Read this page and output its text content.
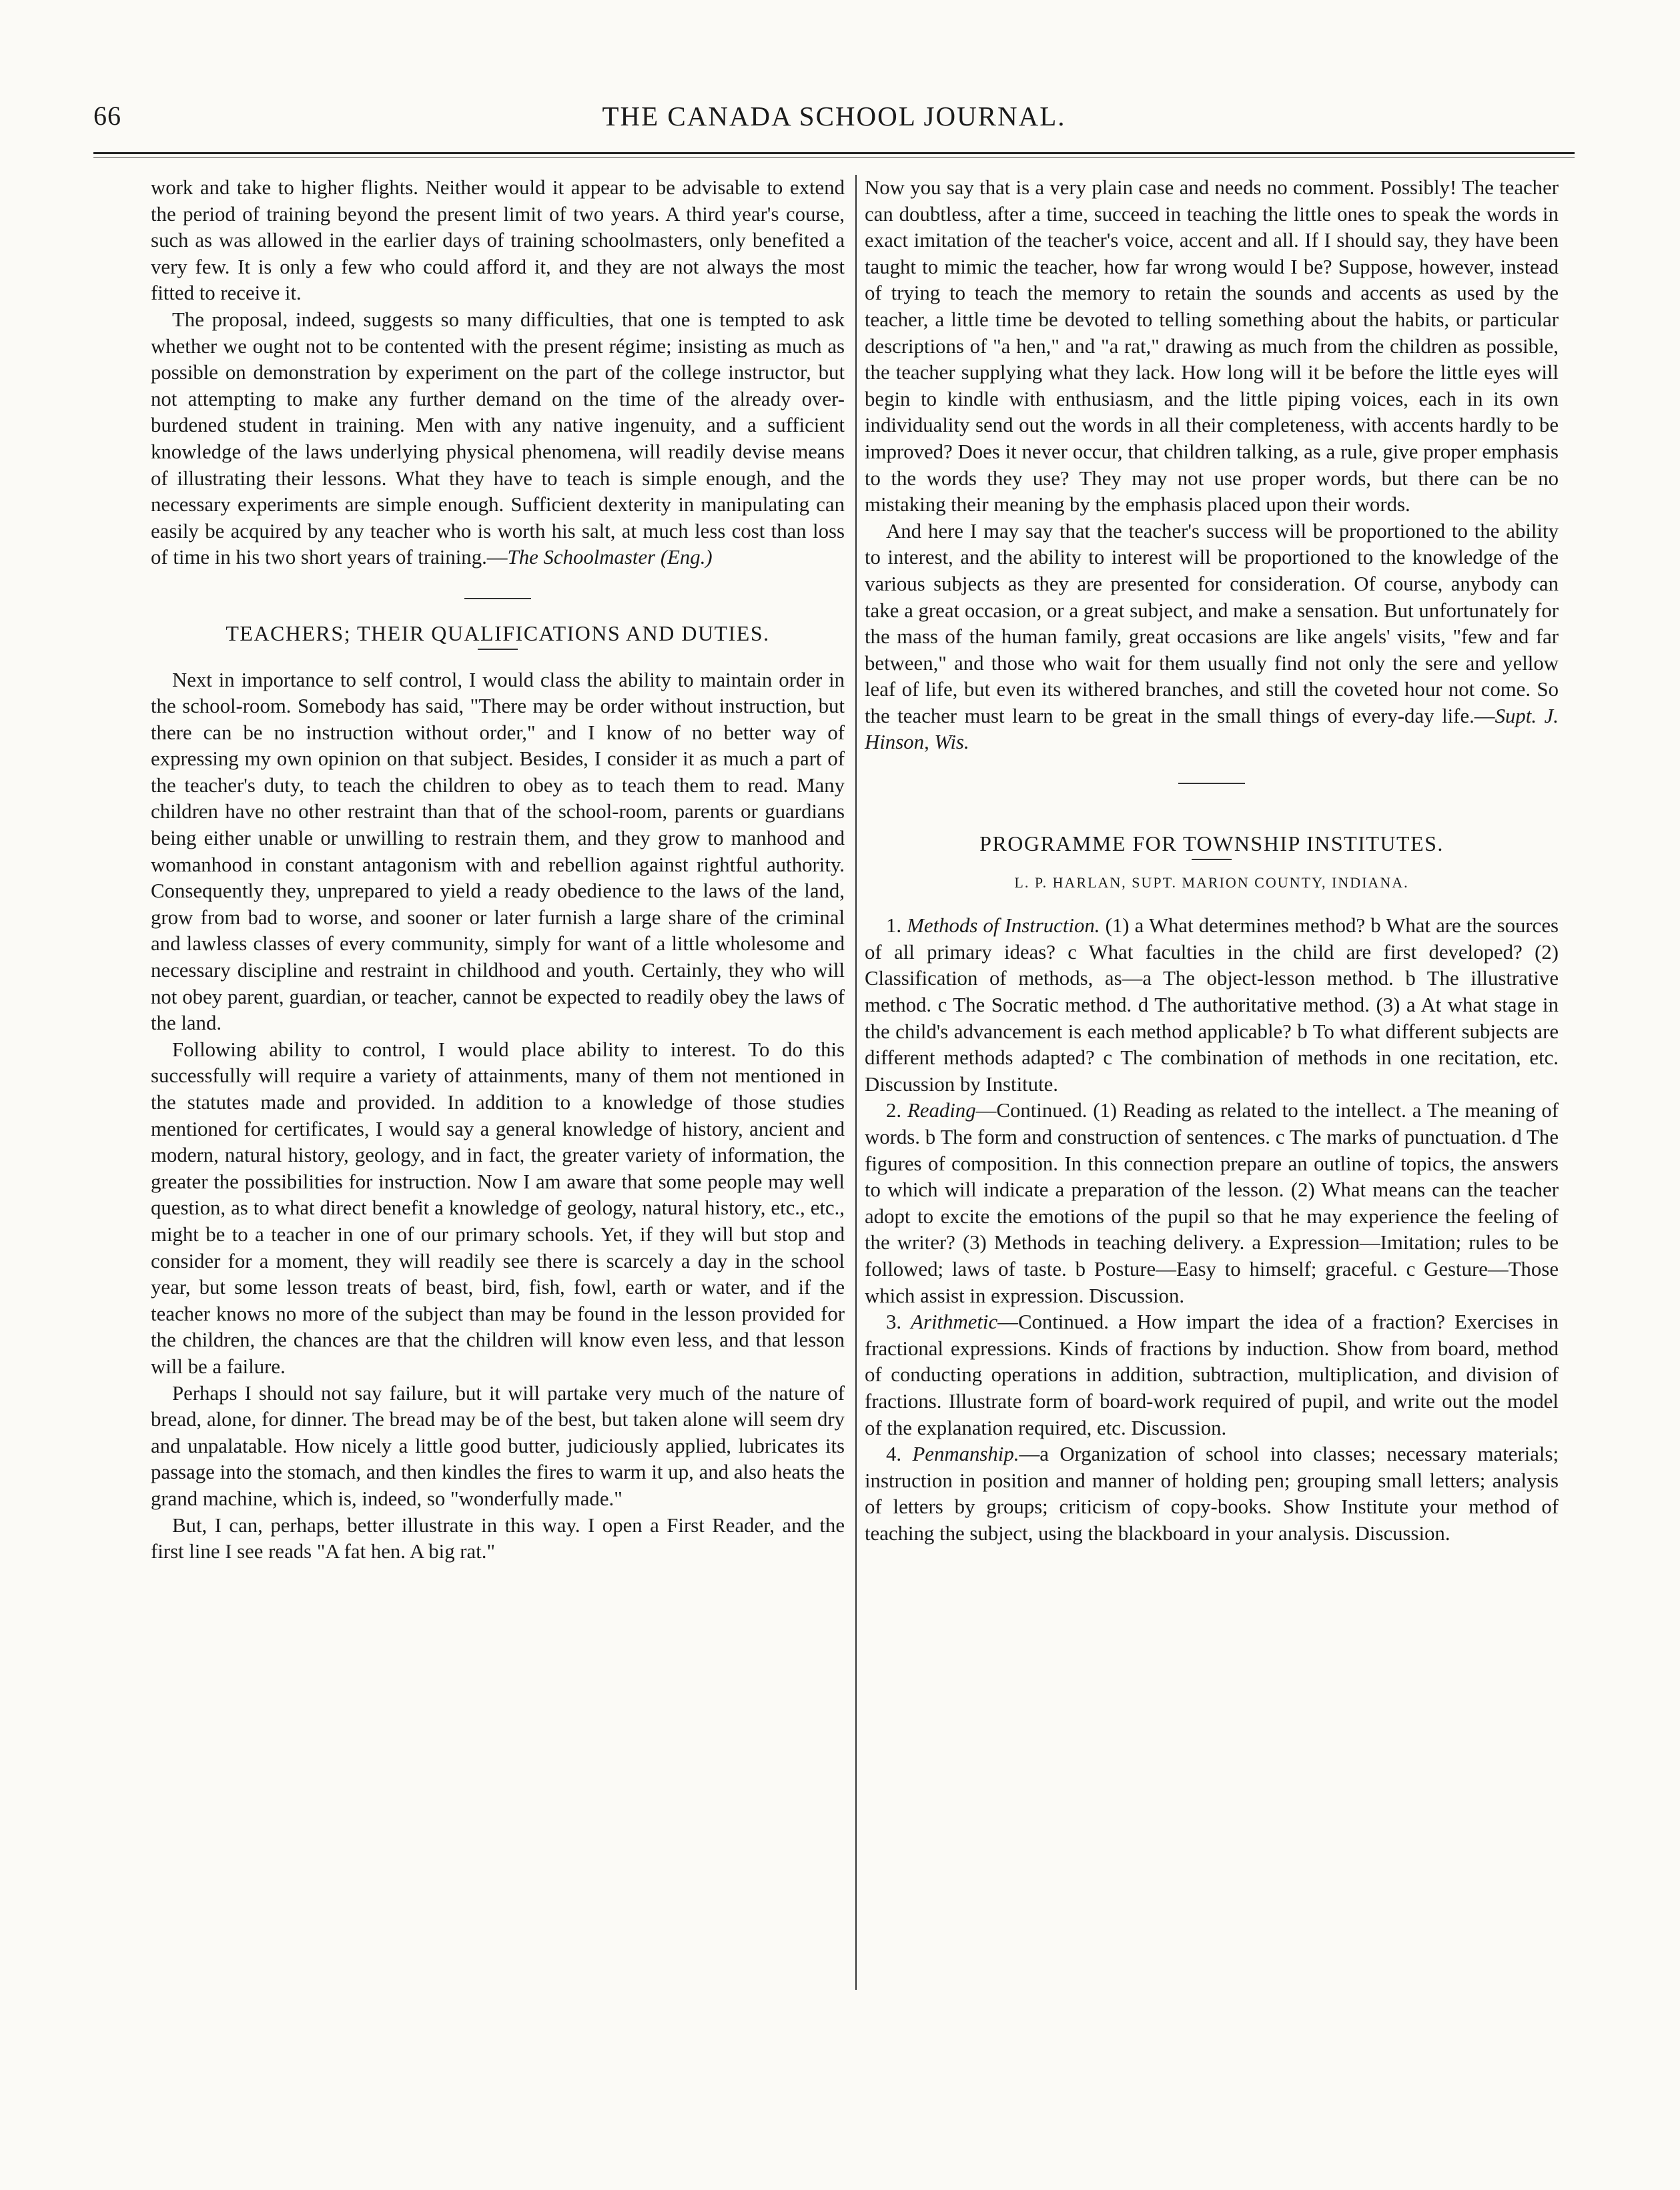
66	THE CANADA SCHOOL JOURNAL.

work and take to higher flights. Neither would it appear to be advisable to extend the period of training beyond the present limit of two years. A third year's course, such as was allowed in the earlier days of training schoolmasters, only benefited a very few. It is only a few who could afford it, and they are not always the most fitted to receive it.

The proposal, indeed, suggests so many difficulties, that one is tempted to ask whether we ought not to be contented with the present régime; insisting as much as possible on demonstration by experiment on the part of the college instructor, but not attempting to make any further demand on the time of the already over-burdened student in training. Men with any native ingenuity, and a sufficient knowledge of the laws underlying physical phenomena, will readily devise means of illustrating their lessons. What they have to teach is simple enough, and the necessary experiments are simple enough. Sufficient dexterity in manipulating can easily be acquired by any teacher who is worth his salt, at much less cost than loss of time in his two short years of training.—The Schoolmaster (Eng.)

TEACHERS; THEIR QUALIFICATIONS AND DUTIES.

Next in importance to self control, I would class the ability to maintain order in the school-room. Somebody has said, "There may be order without instruction, but there can be no instruction without order," and I know of no better way of expressing my own opinion on that subject. Besides, I consider it as much a part of the teacher's duty, to teach the children to obey as to teach them to read. Many children have no other restraint than that of the school-room, parents or guardians being either unable or unwilling to restrain them, and they grow to manhood and womanhood in constant antagonism with and rebellion against rightful authority. Consequently they, unprepared to yield a ready obedience to the laws of the land, grow from bad to worse, and sooner or later furnish a large share of the criminal and lawless classes of every community, simply for want of a little wholesome and necessary discipline and restraint in childhood and youth. Certainly, they who will not obey parent, guardian, or teacher, cannot be expected to readily obey the laws of the land.

Following ability to control, I would place ability to interest. To do this successfully will require a variety of attainments, many of them not mentioned in the statutes made and provided. In addition to a knowledge of those studies mentioned for certificates, I would say a general knowledge of history, ancient and modern, natural history, geology, and in fact, the greater variety of information, the greater the possibilities for instruction. Now I am aware that some people may well question, as to what direct benefit a knowledge of geology, natural history, etc., etc., might be to a teacher in one of our primary schools. Yet, if they will but stop and consider for a moment, they will readily see there is scarcely a day in the school year, but some lesson treats of beast, bird, fish, fowl, earth or water, and if the teacher knows no more of the subject than may be found in the lesson provided for the children, the chances are that the children will know even less, and that lesson will be a failure.

Perhaps I should not say failure, but it will partake very much of the nature of bread, alone, for dinner. The bread may be of the best, but taken alone will seem dry and unpalatable. How nicely a little good butter, judiciously applied, lubricates its passage into the stomach, and then kindles the fires to warm it up, and also heats the grand machine, which is, indeed, so "wonderfully made."

But, I can, perhaps, better illustrate in this way. I open a First Reader, and the first line I see reads "A fat hen. A big rat."

Now you say that is a very plain case and needs no comment. Possibly! The teacher can doubtless, after a time, succeed in teaching the little ones to speak the words in exact imitation of the teacher's voice, accent and all. If I should say, they have been taught to mimic the teacher, how far wrong would I be? Suppose, however, instead of trying to teach the memory to retain the sounds and accents as used by the teacher, a little time be devoted to telling something about the habits, or particular descriptions of "a hen," and "a rat," drawing as much from the children as possible, the teacher supplying what they lack. How long will it be before the little eyes will begin to kindle with enthusiasm, and the little piping voices, each in its own individuality send out the words in all their completeness, with accents hardly to be improved? Does it never occur, that children talking, as a rule, give proper emphasis to the words they use? They may not use proper words, but there can be no mistaking their meaning by the emphasis placed upon their words.

And here I may say that the teacher's success will be proportioned to the ability to interest, and the ability to interest will be proportioned to the knowledge of the various subjects as they are presented for consideration. Of course, anybody can take a great occasion, or a great subject, and make a sensation. But unfortunately for the mass of the human family, great occasions are like angels' visits, "few and far between," and those who wait for them usually find not only the sere and yellow leaf of life, but even its withered branches, and still the coveted hour not come. So the teacher must learn to be great in the small things of every-day life.—Supt. J. Hinson, Wis.

PROGRAMME FOR TOWNSHIP INSTITUTES.
L. P. HARLAN, SUPT. MARION COUNTY, INDIANA.

1. Methods of Instruction. (1) a What determines method? b What are the sources of all primary ideas? c What faculties in the child are first developed? (2) Classification of methods, as—a The object-lesson method. b The illustrative method. c The Socratic method. d The authoritative method. (3) a At what stage in the child's advancement is each method applicable? b To what different subjects are different methods adapted? c The combination of methods in one recitation, etc. Discussion by Institute.

2. Reading—Continued. (1) Reading as related to the intellect. a The meaning of words. b The form and construction of sentences. c The marks of punctuation. d The figures of composition. In this connection prepare an outline of topics, the answers to which will indicate a preparation of the lesson. (2) What means can the teacher adopt to excite the emotions of the pupil so that he may experience the feeling of the writer? (3) Methods in teaching delivery. a Expression—Imitation; rules to be followed; laws of taste. b Posture—Easy to himself; graceful. c Gesture—Those which assist in expression. Discussion.

3. Arithmetic—Continued. a How impart the idea of a fraction? Exercises in fractional expressions. Kinds of fractions by induction. Show from board, method of conducting operations in addition, subtraction, multiplication, and division of fractions. Illustrate form of board-work required of pupil, and write out the model of the explanation required, etc. Discussion.

4. Penmanship.—a Organization of school into classes; necessary materials; instruction in position and manner of holding pen; grouping small letters; analysis of letters by groups; criticism of copy-books. Show Institute your method of teaching the subject, using the blackboard in your analysis. Discussion.
